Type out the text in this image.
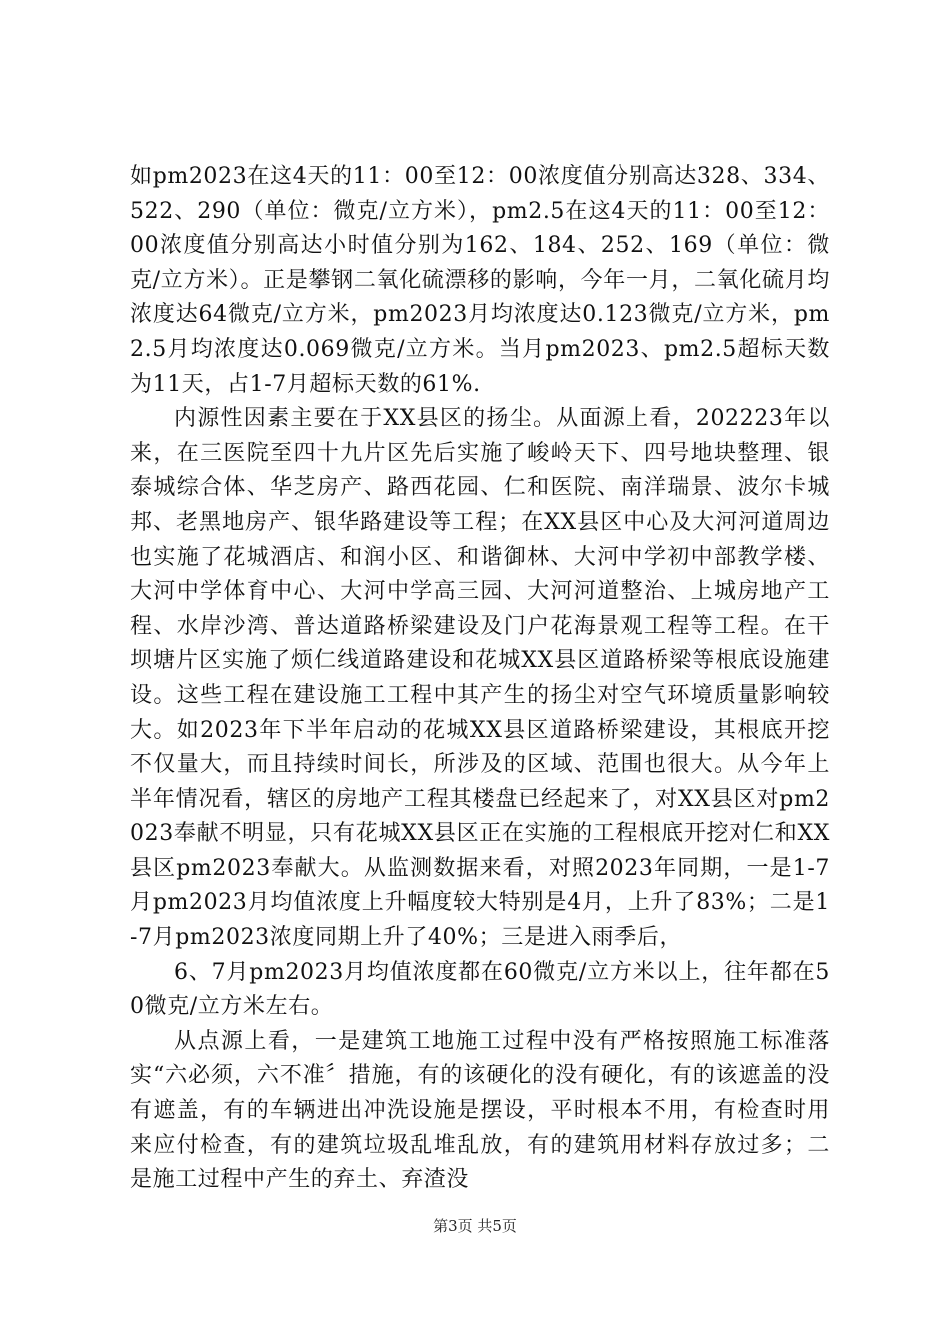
如pm2023在这4天的11：00至12：00浓度值分别高达328、334、522、290（单位：微克/立方米），pm2.5在这4天的11：00至12：00浓度值分别高达小时值分别为162、184、252、169（单位：微克/立方米）。正是攀钢二氧化硫漂移的影响，今年一月，二氧化硫月均浓度达64微克/立方米，pm2023月均浓度达0.123微克/立方米，pm2.5月均浓度达0.069微克/立方米。当月pm2023、pm2.5超标天数为11天，占1-7月超标天数的61%.

内源性因素主要在于XX县区的扬尘。从面源上看，202223年以来，在三医院至四十九片区先后实施了峻岭天下、四号地块整理、银泰城综合体、华芝房产、路西花园、仁和医院、南洋瑞景、波尔卡城邦、老黑地房产、银华路建设等工程；在XX县区中心及大河河道周边也实施了花城酒店、和润小区、和谐御林、大河中学初中部教学楼、大河中学体育中心、大河中学高三园、大河河道整治、上城房地产工程、水岸沙湾、普达道路桥梁建设及门户花海景观工程等工程。在干坝塘片区实施了烦仁线道路建设和花城XX县区道路桥梁等根底设施建设。这些工程在建设施工工程中其产生的扬尘对空气环境质量影响较大。如2023年下半年启动的花城XX县区道路桥梁建设，其根底开挖不仅量大，而且持续时间长，所涉及的区域、范围也很大。从今年上半年情况看，辖区的房地产工程其楼盘已经起来了，对XX县区对pm2023奉献不明显，只有花城XX县区正在实施的工程根底开挖对仁和XX县区pm2023奉献大。从监测数据来看，对照2023年同期，一是1-7月pm2023月均值浓度上升幅度较大特别是4月，上升了83%；二是1-7月pm2023浓度同期上升了40%；三是进入雨季后，

6、7月pm2023月均值浓度都在60微克/立方米以上，往年都在50微克/立方米左右。

从点源上看，一是建筑工地施工过程中没有严格按照施工标准落实“六必须，六不准〞措施，有的该硬化的没有硬化，有的该遮盖的没有遮盖，有的车辆进出冲洗设施是摆设，平时根本不用，有检查时用来应付检查，有的建筑垃圾乱堆乱放，有的建筑用材料存放过多；二是施工过程中产生的弃土、弃渣没

第3页 共5页
